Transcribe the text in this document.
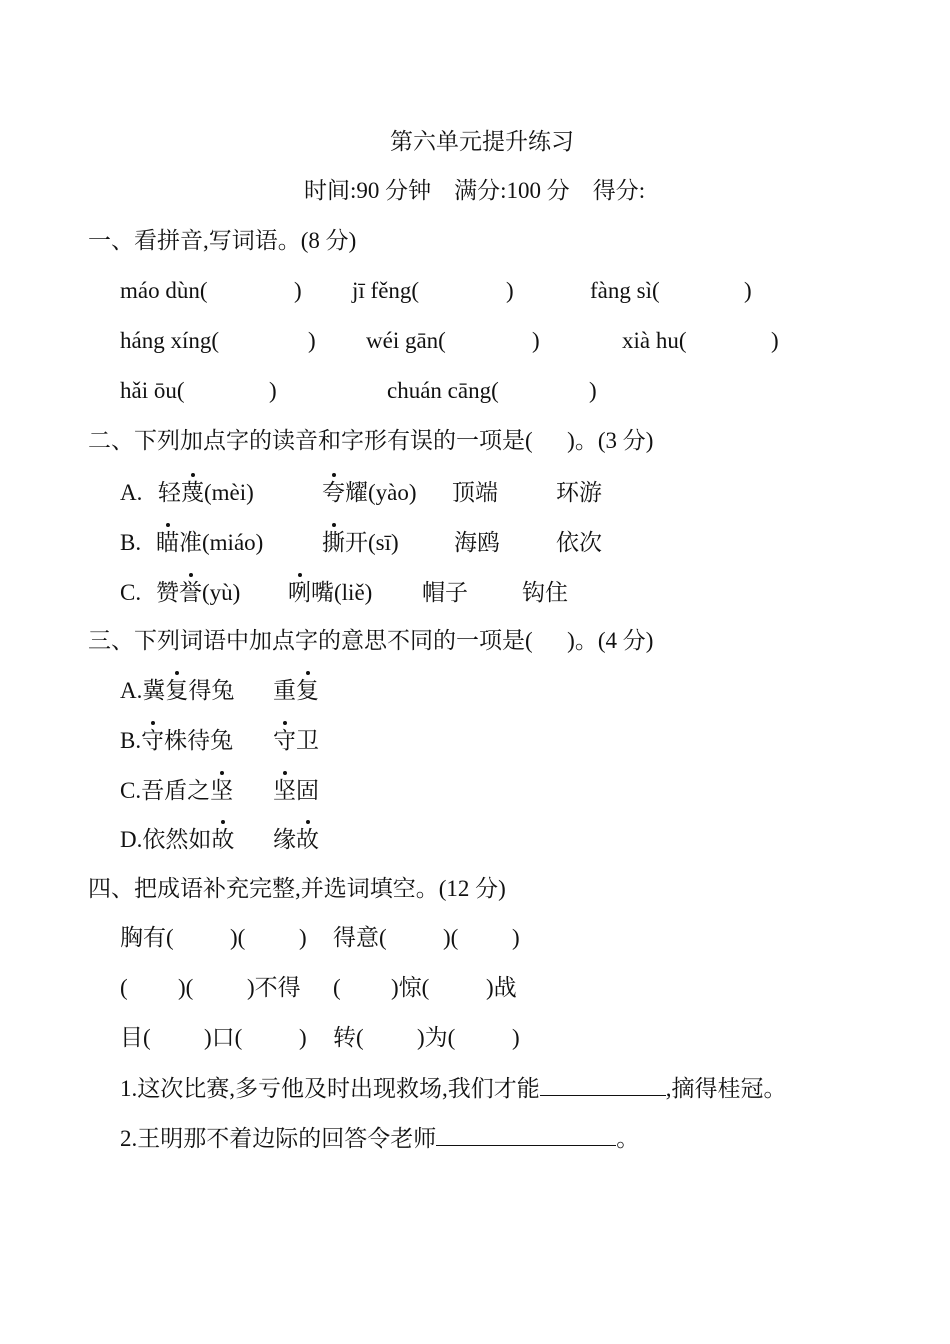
第六单元提升练习
时间:90 分钟 满分:100 分 得分:
一、看拼音,写词语。(8 分)
máo dùn(	) jī fěng(	)	fàng sì(	)
háng xíng(	) wéi gān(	)	xià hu(	)
hǎi ōu(	)	chuán cāng(	)
二、下列加点字的读音和字形有误的一项是( )。(3 分)
A. 轻蔑(mèi)	夸耀(yào) 顶端	环游
B. 瞄准(miáo)	撕开(sī) 海鸥 依次
C. 赞誉(yù) 咧嘴(liě) 帽子 钩住
三、下列词语中加点字的意思不同的一项是( )。(4 分)
A.冀复得兔 重复
B.守株待兔 守卫
C.吾盾之坚 坚固
D.依然如故 缘故
四、把成语补充完整,并选词填空。(12 分)
胸有( )( ) 得意( )( )
( )( )不得 ( )惊( )战
目( )口( ) 转( )为( )
1.这次比赛,多亏他及时出现救场,我们才能	,摘得桂冠。
2.王明那不着边际的回答令老师	。
